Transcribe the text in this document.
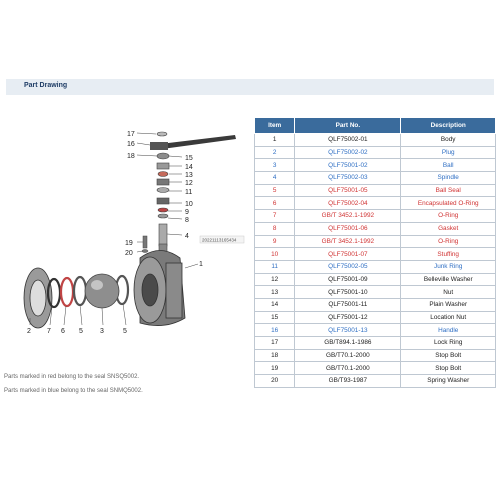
Part Drawing
20221113165434
17
16
18	15
14
13
12
11
10
9
8
4
19
20
1
2 7 6 5 3	5
Parts marked in red belong to the seal SNSQ5002.
Parts marked in blue belong to the seal SNMQ5002.
Item	Part No.	Description
1	QLF75002-01	Body
2	QLF75002-02	Plug
3	QLF75001-02	Ball
4	QLF75002-03	Spindle
5	QLF75001-05	Ball Seal
6	QLF75002-04	Encapsulated O-Ring
7	GB/T 3452.1-1992	O-Ring
8	QLF75001-06	Gasket
9	GB/T 3452.1-1992	O-Ring
10	QLF75001-07	Stuffing
11	QLF75002-05	Junk Ring
12	QLF75001-09	Belleville Washer
13	QLF75001-10	Nut
14	QLF75001-11	Plain Washer
15	QLF75001-12	Location Nut
16	QLF75001-13	Handle
17	GB/T894.1-1986	Lock Ring
18	GB/T70.1-2000	Stop Bolt
19	GB/T70.1-2000	Stop Bolt
20	GB/T93-1987	Spring Washer
